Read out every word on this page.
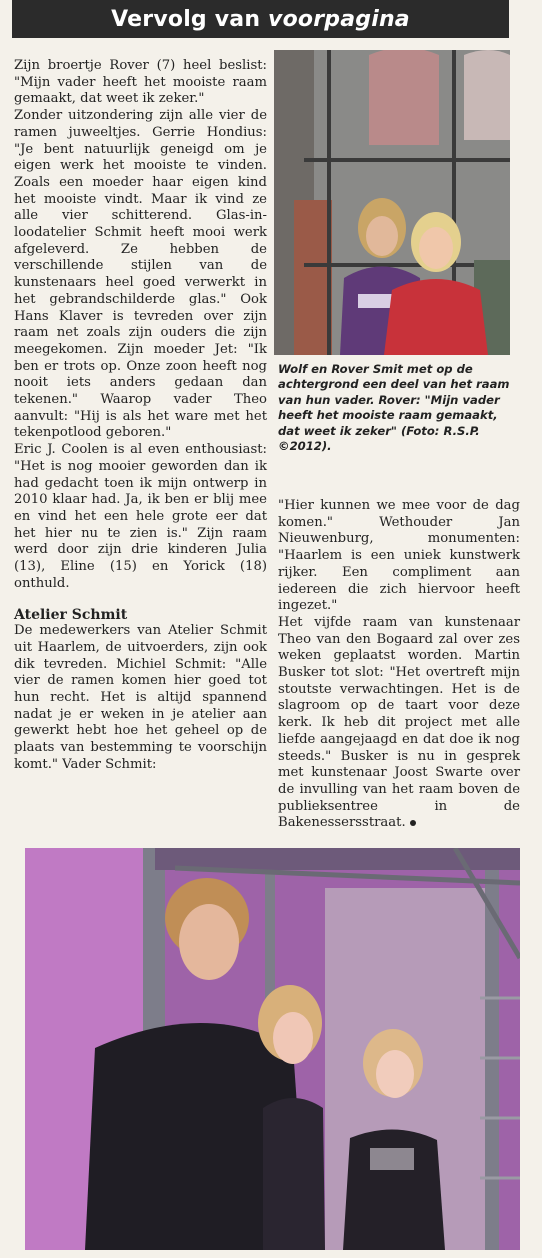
Vervolg van voorpagina

Zijn broertje Rover (7) heel beslist: "Mijn vader heeft het mooiste raam gemaakt, dat weet ik zeker."

Zonder uitzondering zijn alle vier de ramen juweeltjes. Gerrie Hondius: "Je bent natuurlijk geneigd om je eigen werk het mooiste te vinden. Zoals een moeder haar eigen kind het mooiste vindt. Maar ik vind ze alle vier schitterend. Glas-in-loodatelier Schmit heeft mooi werk afgeleverd. Ze hebben de verschillende stijlen van de kunstenaars heel goed verwerkt in het gebrandschilderde glas." Ook Hans Klaver is tevreden over zijn raam net zoals zijn ouders die zijn meegekomen. Zijn moeder Jet: "Ik ben er trots op. Onze zoon heeft nog nooit iets anders gedaan dan tekenen." Waarop vader Theo aanvult: "Hij is als het ware met het tekenpotlood geboren."

Eric J. Coolen is al even enthousiast: "Het is nog mooier geworden dan ik had gedacht toen ik mijn ontwerp in 2010 klaar had. Ja, ik ben er blij mee en vind het een hele grote eer dat het hier nu te zien is." Zijn raam werd door zijn drie kinderen Julia (13), Eline (15) en Yorick (18) onthuld.

Atelier Schmit

De medewerkers van Atelier Schmit uit Haarlem, de uitvoerders, zijn ook dik tevreden. Michiel Schmit: "Alle vier de ramen komen hier goed tot hun recht. Het is altijd spannend nadat je er weken in je atelier aan gewerkt hebt hoe het geheel op de plaats van bestemming te voorschijn komt." Vader Schmit:

Wolf en Rover Smit met op de achtergrond een deel van het raam van hun vader. Rover: "Mijn vader heeft het mooiste raam gemaakt, dat weet ik zeker" (Foto: R.S.P. ©2012).

"Hier kunnen we mee voor de dag komen." Wethouder Jan Nieuwenburg, monumenten: "Haarlem is een uniek kunstwerk rijker. Een compliment aan iedereen die zich hiervoor heeft ingezet."

Het vijfde raam van kunstenaar Theo van den Bogaard zal over zes weken geplaatst worden. Martin Busker tot slot: "Het overtreft mijn stoutste verwachtingen. Het is de slagroom op de taart voor deze kerk. Ik heb dit project met alle liefde aangejaagd en dat doe ik nog steeds." Busker is nu in gesprek met kunstenaar Joost Swarte over de invulling van het raam boven de publieksentree in de Bakenessersstraat.
